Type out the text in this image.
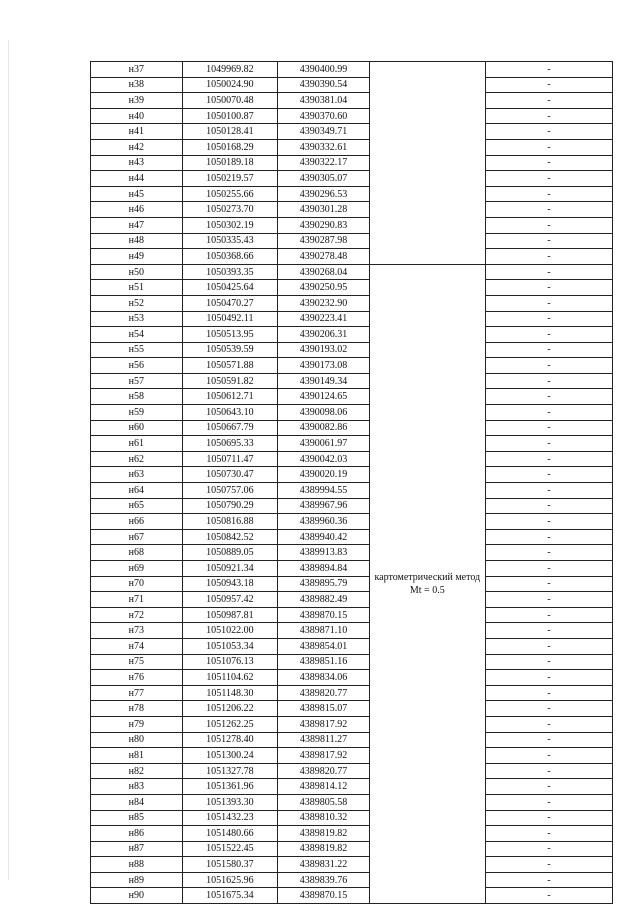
н37	1049969.82	4390400.99		-
н38	1050024.90	4390390.54		-
н39	1050070.48	4390381.04		-
н40	1050100.87	4390370.60		-
н41	1050128.41	4390349.71		-
н42	1050168.29	4390332.61		-
н43	1050189.18	4390322.17		-
н44	1050219.57	4390305.07		-
н45	1050255.66	4390296.53		-
н46	1050273.70	4390301.28		-
н47	1050302.19	4390290.83		-
н48	1050335.43	4390287.98		-
н49	1050368.66	4390278.48		-
н50	1050393.35	4390268.04	картометрический метод Mt = 0.5	-
н51	1050425.64	4390250.95		-
н52	1050470.27	4390232.90		-
н53	1050492.11	4390223.41		-
н54	1050513.95	4390206.31		-
н55	1050539.59	4390193.02		-
н56	1050571.88	4390173.08		-
н57	1050591.82	4390149.34		-
н58	1050612.71	4390124.65		-
н59	1050643.10	4390098.06		-
н60	1050667.79	4390082.86		-
н61	1050695.33	4390061.97		-
н62	1050711.47	4390042.03		-
н63	1050730.47	4390020.19		-
н64	1050757.06	4389994.55		-
н65	1050790.29	4389967.96		-
н66	1050816.88	4389960.36		-
н67	1050842.52	4389940.42		-
н68	1050889.05	4389913.83		-
н69	1050921.34	4389894.84		-
н70	1050943.18	4389895.79		-
н71	1050957.42	4389882.49		-
н72	1050987.81	4389870.15		-
н73	1051022.00	4389871.10		-
н74	1051053.34	4389854.01		-
н75	1051076.13	4389851.16		-
н76	1051104.62	4389834.06		-
н77	1051148.30	4389820.77		-
н78	1051206.22	4389815.07		-
н79	1051262.25	4389817.92		-
н80	1051278.40	4389811.27		-
н81	1051300.24	4389817.92		-
н82	1051327.78	4389820.77		-
н83	1051361.96	4389814.12		-
н84	1051393.30	4389805.58		-
н85	1051432.23	4389810.32		-
н86	1051480.66	4389819.82		-
н87	1051522.45	4389819.82		-
н88	1051580.37	4389831.22		-
н89	1051625.96	4389839.76		-
н90	1051675.34	4389870.15		-
